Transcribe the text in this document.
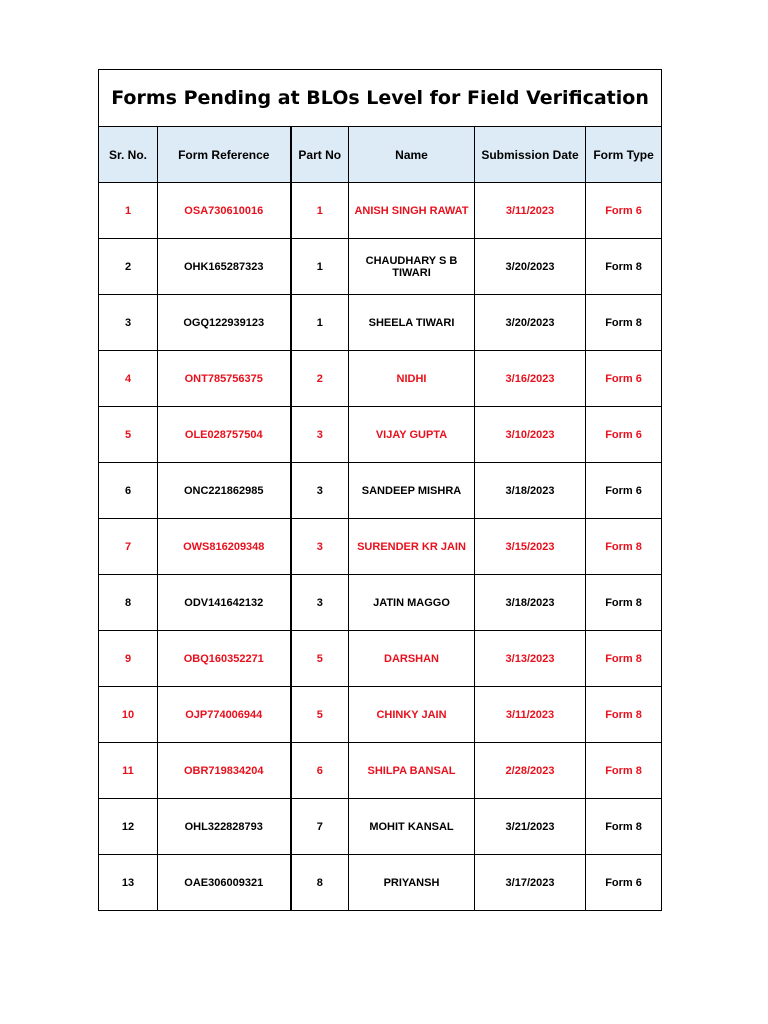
Forms Pending at BLOs Level for Field Verification					
Sr. No.	Form Reference	Part No	Name	Submission Date	Form Type
1	OSA730610016	1	ANISH SINGH RAWAT	3/11/2023	Form 6
2	OHK165287323	1	CHAUDHARY S B TIWARI	3/20/2023	Form 8
3	OGQ122939123	1	SHEELA TIWARI	3/20/2023	Form 8
4	ONT785756375	2	NIDHI	3/16/2023	Form 6
5	OLE028757504	3	VIJAY GUPTA	3/10/2023	Form 6
6	ONC221862985	3	SANDEEP MISHRA	3/18/2023	Form 6
7	OWS816209348	3	SURENDER KR JAIN	3/15/2023	Form 8
8	ODV141642132	3	JATIN MAGGO	3/18/2023	Form 8
9	OBQ160352271	5	DARSHAN	3/13/2023	Form 8
10	OJP774006944	5	CHINKY JAIN	3/11/2023	Form 8
11	OBR719834204	6	SHILPA BANSAL	2/28/2023	Form 8
12	OHL322828793	7	MOHIT KANSAL	3/21/2023	Form 8
13	OAE306009321	8	PRIYANSH	3/17/2023	Form 6
